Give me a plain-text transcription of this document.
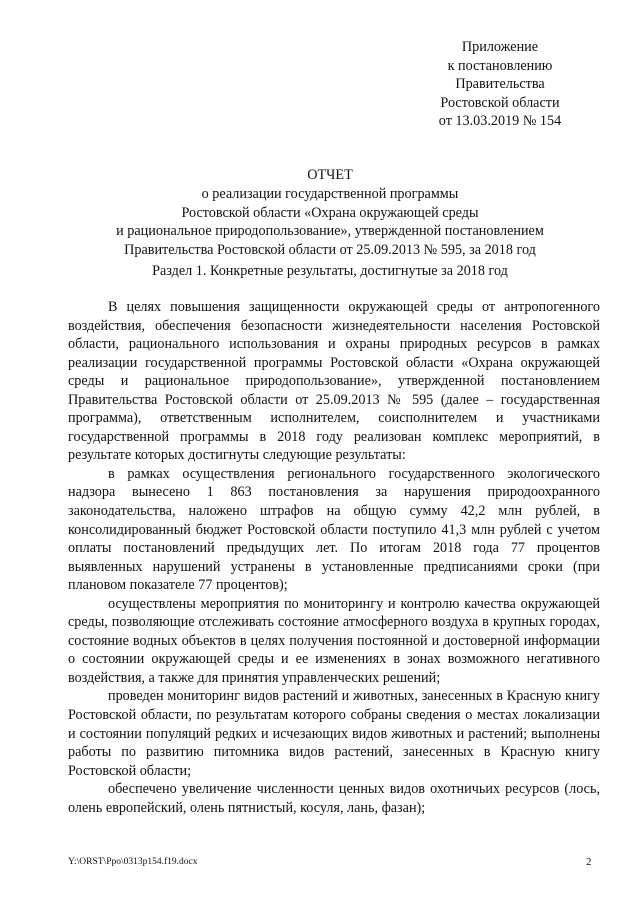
Приложение
к постановлению
Правительства
Ростовской области
от 13.03.2019 № 154
ОТЧЕТ
о реализации государственной программы
Ростовской области «Охрана окружающей среды
и рациональное природопользование», утвержденной постановлением
Правительства Ростовской области от 25.09.2013 № 595, за 2018 год
Раздел 1. Конкретные результаты, достигнутые за 2018 год

В целях повышения защищенности окружающей среды от антропогенного воздействия, обеспечения безопасности жизнедеятельности населения Ростовской области, рационального использования и охраны природных ресурсов в рамках реализации государственной программы Ростовской области «Охрана окружающей среды и рациональное природопользование», утвержденной постановлением Правительства Ростовской области от 25.09.2013 № 595 (далее – государственная программа), ответственным исполнителем, соисполнителем и участниками государственной программы в 2018 году реализован комплекс мероприятий, в результате которых достигнуты следующие результаты:

в рамках осуществления регионального государственного экологического надзора вынесено 1 863 постановления за нарушения природоохранного законодательства, наложено штрафов на общую сумму 42,2 млн рублей, в консолидированный бюджет Ростовской области поступило 41,3 млн рублей с учетом оплаты постановлений предыдущих лет. По итогам 2018 года 77 процентов выявленных нарушений устранены в установленные предписаниями сроки (при плановом показателе 77 процентов);

осуществлены мероприятия по мониторингу и контролю качества окружающей среды, позволяющие отслеживать состояние атмосферного воздуха в крупных городах, состояние водных объектов в целях получения постоянной и достоверной информации о состоянии окружающей среды и ее изменениях в зонах возможного негативного воздействия, а также для принятия управленческих решений;

проведен мониторинг видов растений и животных, занесенных в Красную книгу Ростовской области, по результатам которого собраны сведения о местах локализации и состоянии популяций редких и исчезающих видов животных и растений; выполнены работы по развитию питомника видов растений, занесенных в Красную книгу Ростовской области;

обеспечено увеличение численности ценных видов охотничьих ресурсов (лось, олень европейский, олень пятнистый, косуля, лань, фазан);

Y:\ORST\Ppo\0313p154.f19.docx	2
